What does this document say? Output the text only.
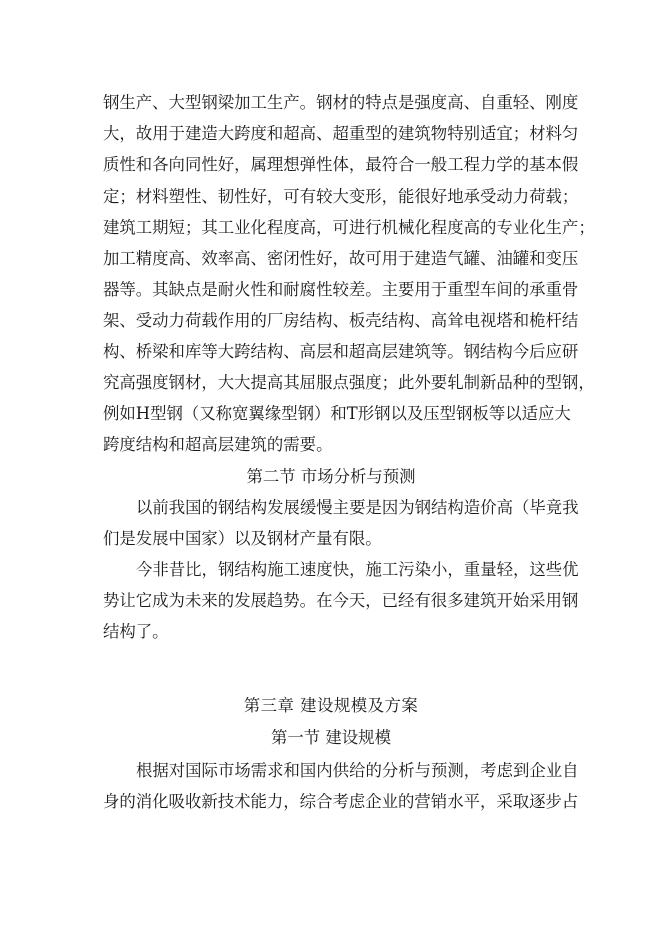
钢生产、大型钢梁加工生产。钢材的特点是强度高、自重轻、刚度
大，故用于建造大跨度和超高、超重型的建筑物特别适宜；材料匀
质性和各向同性好，属理想弹性体，最符合一般工程力学的基本假
定；材料塑性、韧性好，可有较大变形，能很好地承受动力荷载；
建筑工期短；其工业化程度高，可进行机械化程度高的专业化生产；
加工精度高、效率高、密闭性好，故可用于建造气罐、油罐和变压
器等。其缺点是耐火性和耐腐性较差。主要用于重型车间的承重骨
架、受动力荷载作用的厂房结构、板壳结构、高耸电视塔和桅杆结
构、桥梁和库等大跨结构、高层和超高层建筑等。钢结构今后应研
究高强度钢材，大大提高其屈服点强度；此外要轧制新品种的型钢，
例如H型钢（又称宽翼缘型钢）和T形钢以及压型钢板等以适应大
跨度结构和超高层建筑的需要。
第二节 市场分析与预测
以前我国的钢结构发展缓慢主要是因为钢结构造价高（毕竟我
们是发展中国家）以及钢材产量有限。
今非昔比，钢结构施工速度快，施工污染小，重量轻，这些优
势让它成为未来的发展趋势。在今天，已经有很多建筑开始采用钢
结构了。
第三章 建设规模及方案
第一节 建设规模
根据对国际市场需求和国内供给的分析与预测，考虑到企业自
身的消化吸收新技术能力，综合考虑企业的营销水平，采取逐步占
